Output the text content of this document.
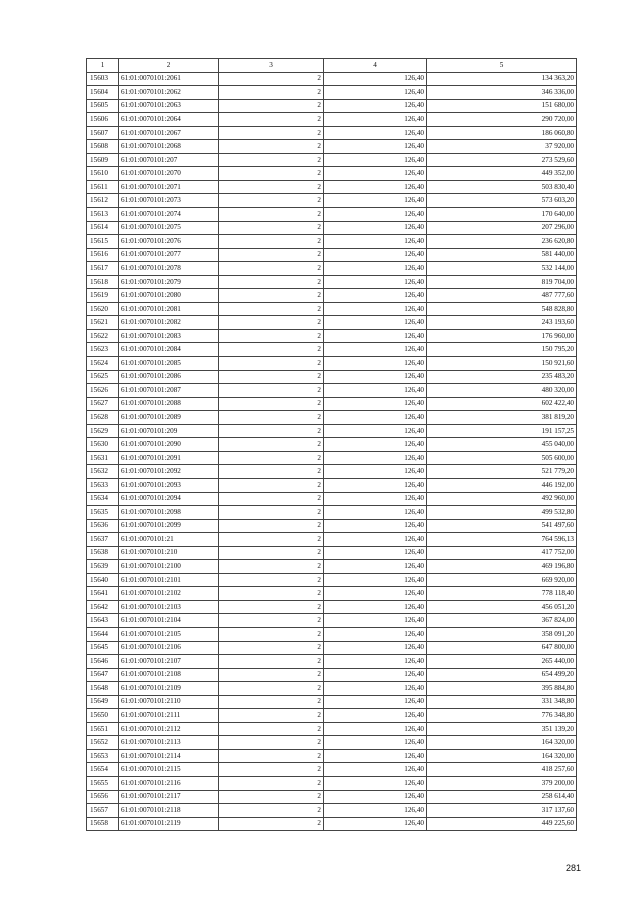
1	2	3	4	5
15603	61:01:0070101:2061	2	126,40	134 363,20
15604	61:01:0070101:2062	2	126,40	346 336,00
15605	61:01:0070101:2063	2	126,40	151 680,00
15606	61:01:0070101:2064	2	126,40	290 720,00
15607	61:01:0070101:2067	2	126,40	186 060,80
15608	61:01:0070101:2068	2	126,40	37 920,00
15609	61:01:0070101:207	2	126,40	273 529,60
15610	61:01:0070101:2070	2	126,40	449 352,00
15611	61:01:0070101:2071	2	126,40	503 830,40
15612	61:01:0070101:2073	2	126,40	573 603,20
15613	61:01:0070101:2074	2	126,40	170 640,00
15614	61:01:0070101:2075	2	126,40	207 296,00
15615	61:01:0070101:2076	2	126,40	236 620,80
15616	61:01:0070101:2077	2	126,40	581 440,00
15617	61:01:0070101:2078	2	126,40	532 144,00
15618	61:01:0070101:2079	2	126,40	819 704,00
15619	61:01:0070101:2080	2	126,40	487 777,60
15620	61:01:0070101:2081	2	126,40	548 828,80
15621	61:01:0070101:2082	2	126,40	243 193,60
15622	61:01:0070101:2083	2	126,40	176 960,00
15623	61:01:0070101:2084	2	126,40	150 795,20
15624	61:01:0070101:2085	2	126,40	150 921,60
15625	61:01:0070101:2086	2	126,40	235 483,20
15626	61:01:0070101:2087	2	126,40	480 320,00
15627	61:01:0070101:2088	2	126,40	602 422,40
15628	61:01:0070101:2089	2	126,40	381 819,20
15629	61:01:0070101:209	2	126,40	191 157,25
15630	61:01:0070101:2090	2	126,40	455 040,00
15631	61:01:0070101:2091	2	126,40	505 600,00
15632	61:01:0070101:2092	2	126,40	521 779,20
15633	61:01:0070101:2093	2	126,40	446 192,00
15634	61:01:0070101:2094	2	126,40	492 960,00
15635	61:01:0070101:2098	2	126,40	499 532,80
15636	61:01:0070101:2099	2	126,40	541 497,60
15637	61:01:0070101:21	2	126,40	764 596,13
15638	61:01:0070101:210	2	126,40	417 752,00
15639	61:01:0070101:2100	2	126,40	469 196,80
15640	61:01:0070101:2101	2	126,40	669 920,00
15641	61:01:0070101:2102	2	126,40	778 118,40
15642	61:01:0070101:2103	2	126,40	456 051,20
15643	61:01:0070101:2104	2	126,40	367 824,00
15644	61:01:0070101:2105	2	126,40	358 091,20
15645	61:01:0070101:2106	2	126,40	647 800,00
15646	61:01:0070101:2107	2	126,40	265 440,00
15647	61:01:0070101:2108	2	126,40	654 499,20
15648	61:01:0070101:2109	2	126,40	395 884,80
15649	61:01:0070101:2110	2	126,40	331 348,80
15650	61:01:0070101:2111	2	126,40	776 348,80
15651	61:01:0070101:2112	2	126,40	351 139,20
15652	61:01:0070101:2113	2	126,40	164 320,00
15653	61:01:0070101:2114	2	126,40	164 320,00
15654	61:01:0070101:2115	2	126,40	418 257,60
15655	61:01:0070101:2116	2	126,40	379 200,00
15656	61:01:0070101:2117	2	126,40	258 614,40
15657	61:01:0070101:2118	2	126,40	317 137,60
15658	61:01:0070101:2119	2	126,40	449 225,60
281
